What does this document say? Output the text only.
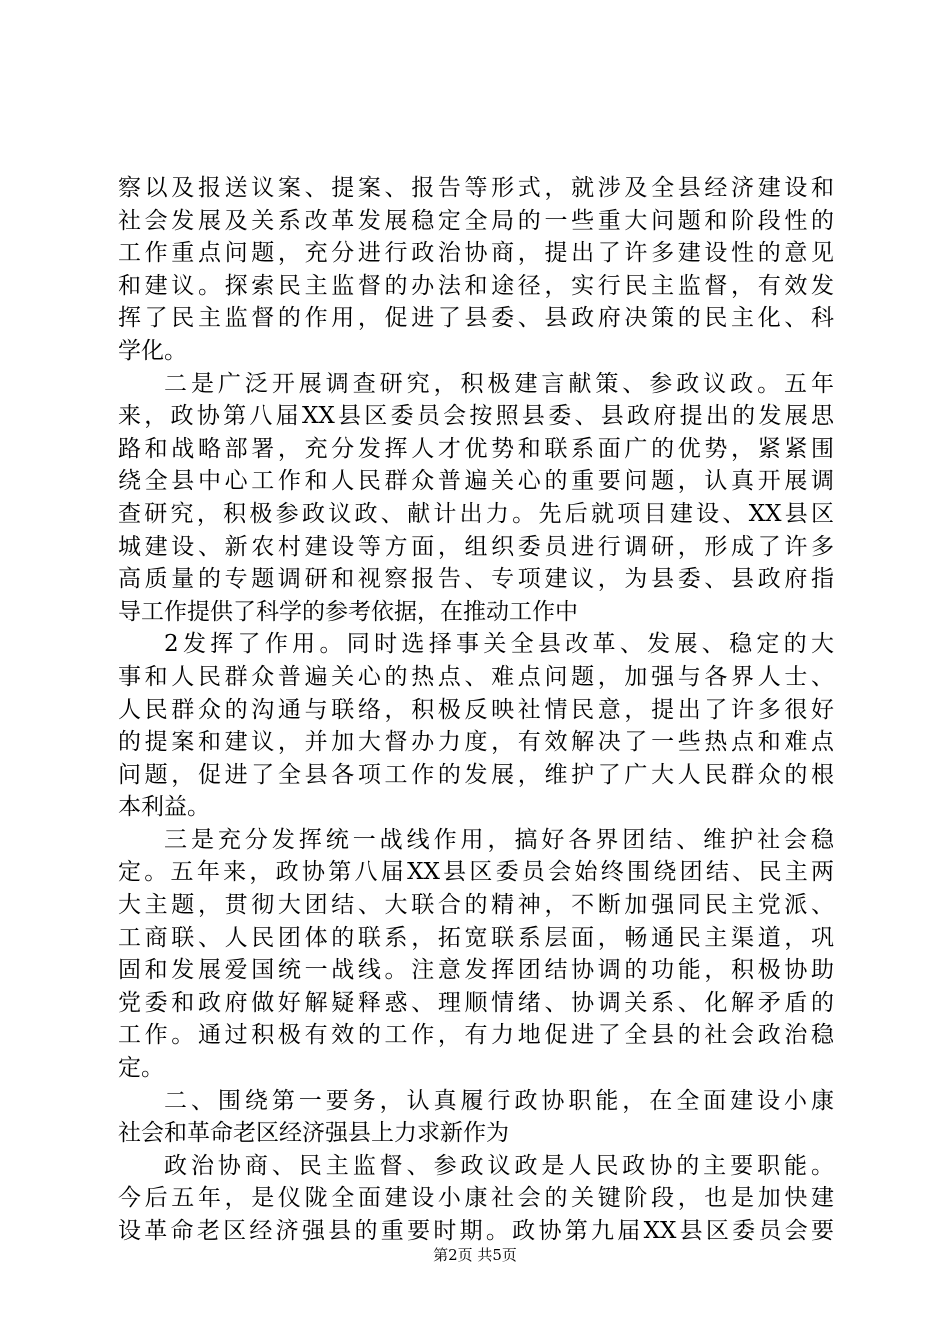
察以及报送议案、提案、报告等形式，就涉及全县经济建设和
社会发展及关系改革发展稳定全局的一些重大问题和阶段性的
工作重点问题，充分进行政治协商，提出了许多建设性的意见
和建议。探索民主监督的办法和途径，实行民主监督，有效发
挥了民主监督的作用，促进了县委、县政府决策的民主化、科
学化。
二是广泛开展调查研究，积极建言献策、参政议政。五年
来，政协第八届XX县区委员会按照县委、县政府提出的发展思
路和战略部署，充分发挥人才优势和联系面广的优势，紧紧围
绕全县中心工作和人民群众普遍关心的重要问题，认真开展调
查研究，积极参政议政、献计出力。先后就项目建设、XX县区
城建设、新农村建设等方面，组织委员进行调研，形成了许多
高质量的专题调研和视察报告、专项建议，为县委、县政府指
导工作提供了科学的参考依据，在推动工作中
2发挥了作用。同时选择事关全县改革、发展、稳定的大
事和人民群众普遍关心的热点、难点问题，加强与各界人士、
人民群众的沟通与联络，积极反映社情民意，提出了许多很好
的提案和建议，并加大督办力度，有效解决了一些热点和难点
问题，促进了全县各项工作的发展，维护了广大人民群众的根
本利益。
三是充分发挥统一战线作用，搞好各界团结、维护社会稳
定。五年来，政协第八届XX县区委员会始终围绕团结、民主两
大主题，贯彻大团结、大联合的精神，不断加强同民主党派、
工商联、人民团体的联系，拓宽联系层面，畅通民主渠道，巩
固和发展爱国统一战线。注意发挥团结协调的功能，积极协助
党委和政府做好解疑释惑、理顺情绪、协调关系、化解矛盾的
工作。通过积极有效的工作，有力地促进了全县的社会政治稳
定。
二、围绕第一要务，认真履行政协职能，在全面建设小康
社会和革命老区经济强县上力求新作为
政治协商、民主监督、参政议政是人民政协的主要职能。
今后五年，是仪陇全面建设小康社会的关键阶段，也是加快建
设革命老区经济强县的重要时期。政协第九届XX县区委员会要
第2页 共5页
